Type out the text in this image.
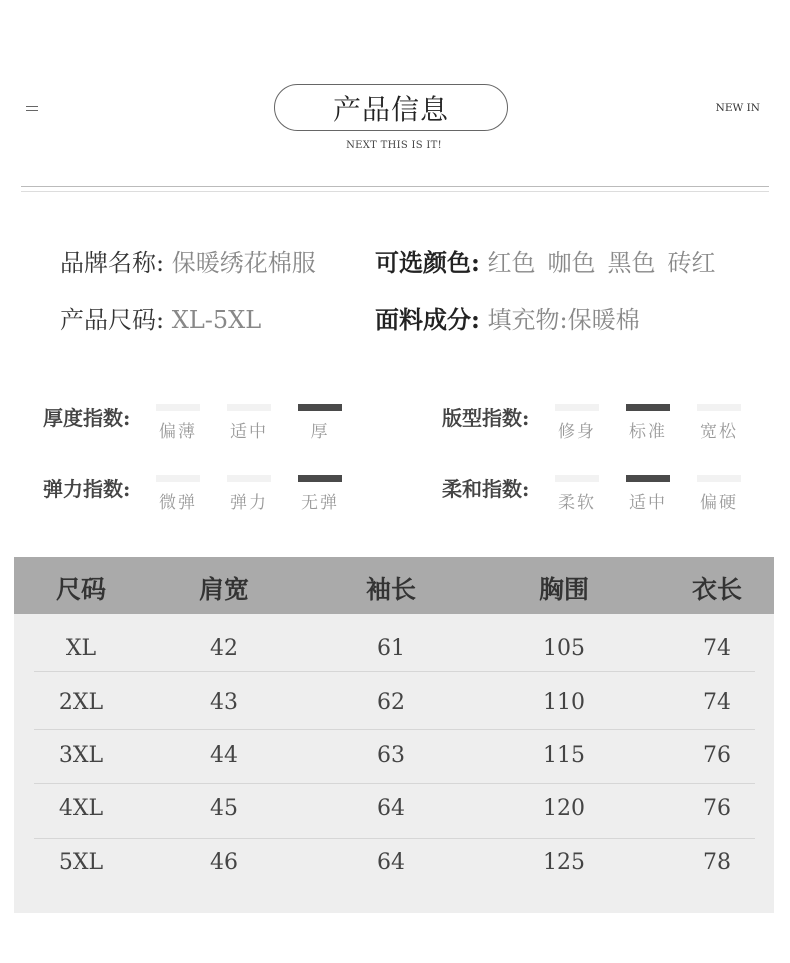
产品信息
NEXT THIS IS IT!
NEW IN
品牌名称: 保暖绣花棉服 可选颜色: 红色 咖色 黑色 砖红
产品尺码: XL-5XL	面料成分: 填充物:保暖棉
厚度指数:
偏薄 适中	厚
版型指数:
修身 标准 宽松
弹力指数:
微弹 弹力 无弹
柔和指数:
柔软 适中 偏硬
尺码	肩宽	袖长	胸围	衣长
XL	42	61	105	74
2XL	43	62	110	74
3XL	44	63	115	76
4XL	45	64	120	76
5XL	46	64	125	78
